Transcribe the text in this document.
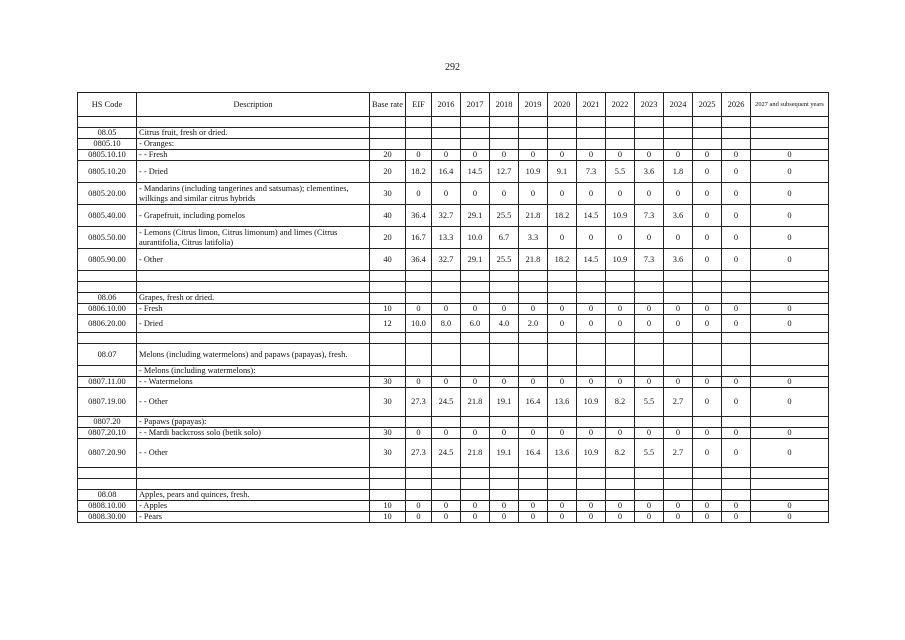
292
HS Code	Description	Base rate	EIF	2016	2017	2018	2019	2020	2021	2022	2023	2024	2025	2026	2027 and subsequent years

08.05	Citrus fruit, fresh or dried.														
0805.10	- Oranges:														
0805.10.10	- - Fresh	20	0	0	0	0	0	0	0	0	0	0	0	0	0
0805.10.20	- - Dried	20	18.2	16.4	14.5	12.7	10.9	9.1	7.3	5.5	3.6	1.8	0	0	0
0805.20.00	- Mandarins (including tangerines and satsumas); clementines, wilkings and similar citrus hybrids	30	0	0	0	0	0	0	0	0	0	0	0	0	0
0805.40.00	- Grapefruit, including pomelos	40	36.4	32.7	29.1	25.5	21.8	18.2	14.5	10.9	7.3	3.6	0	0	0
0805.50.00	- Lemons (Citrus limon, Citrus limonum) and limes (Citrus aurantifolia, Citrus latifolia)	20	16.7	13.3	10.0	6.7	3.3	0	0	0	0	0	0	0	0
0805.90.00	- Other	40	36.4	32.7	29.1	25.5	21.8	18.2	14.5	10.9	7.3	3.6	0	0	0

08.06	Grapes, fresh or dried.														
0806.10.00	- Fresh	10	0	0	0	0	0	0	0	0	0	0	0	0	0
0806.20.00	- Dried	12	10.0	8.0	6.0	4.0	2.0	0	0	0	0	0	0	0	0

08.07	Melons (including watermelons) and papaws (papayas), fresh.														
	- Melons (including watermelons):														
0807.11.00	- - Watermelons	30	0	0	0	0	0	0	0	0	0	0	0	0	0
0807.19.00	- - Other	30	27.3	24.5	21.8	19.1	16.4	13.6	10.9	8.2	5.5	2.7	0	0	0
0807.20	- Papaws (papayas):														
0807.20.10	- - Mardi backcross solo (betik solo)	30	0	0	0	0	0	0	0	0	0	0	0	0	0
0807.20.90	- - Other	30	27.3	24.5	21.8	19.1	16.4	13.6	10.9	8.2	5.5	2.7	0	0	0

08.08	Apples, pears and quinces, fresh.														
0808.10.00	- Apples	10	0	0	0	0	0	0	0	0	0	0	0	0	0
0808.30.00	- Pears	10	0	0	0	0	0	0	0	0	0	0	0	0	0
